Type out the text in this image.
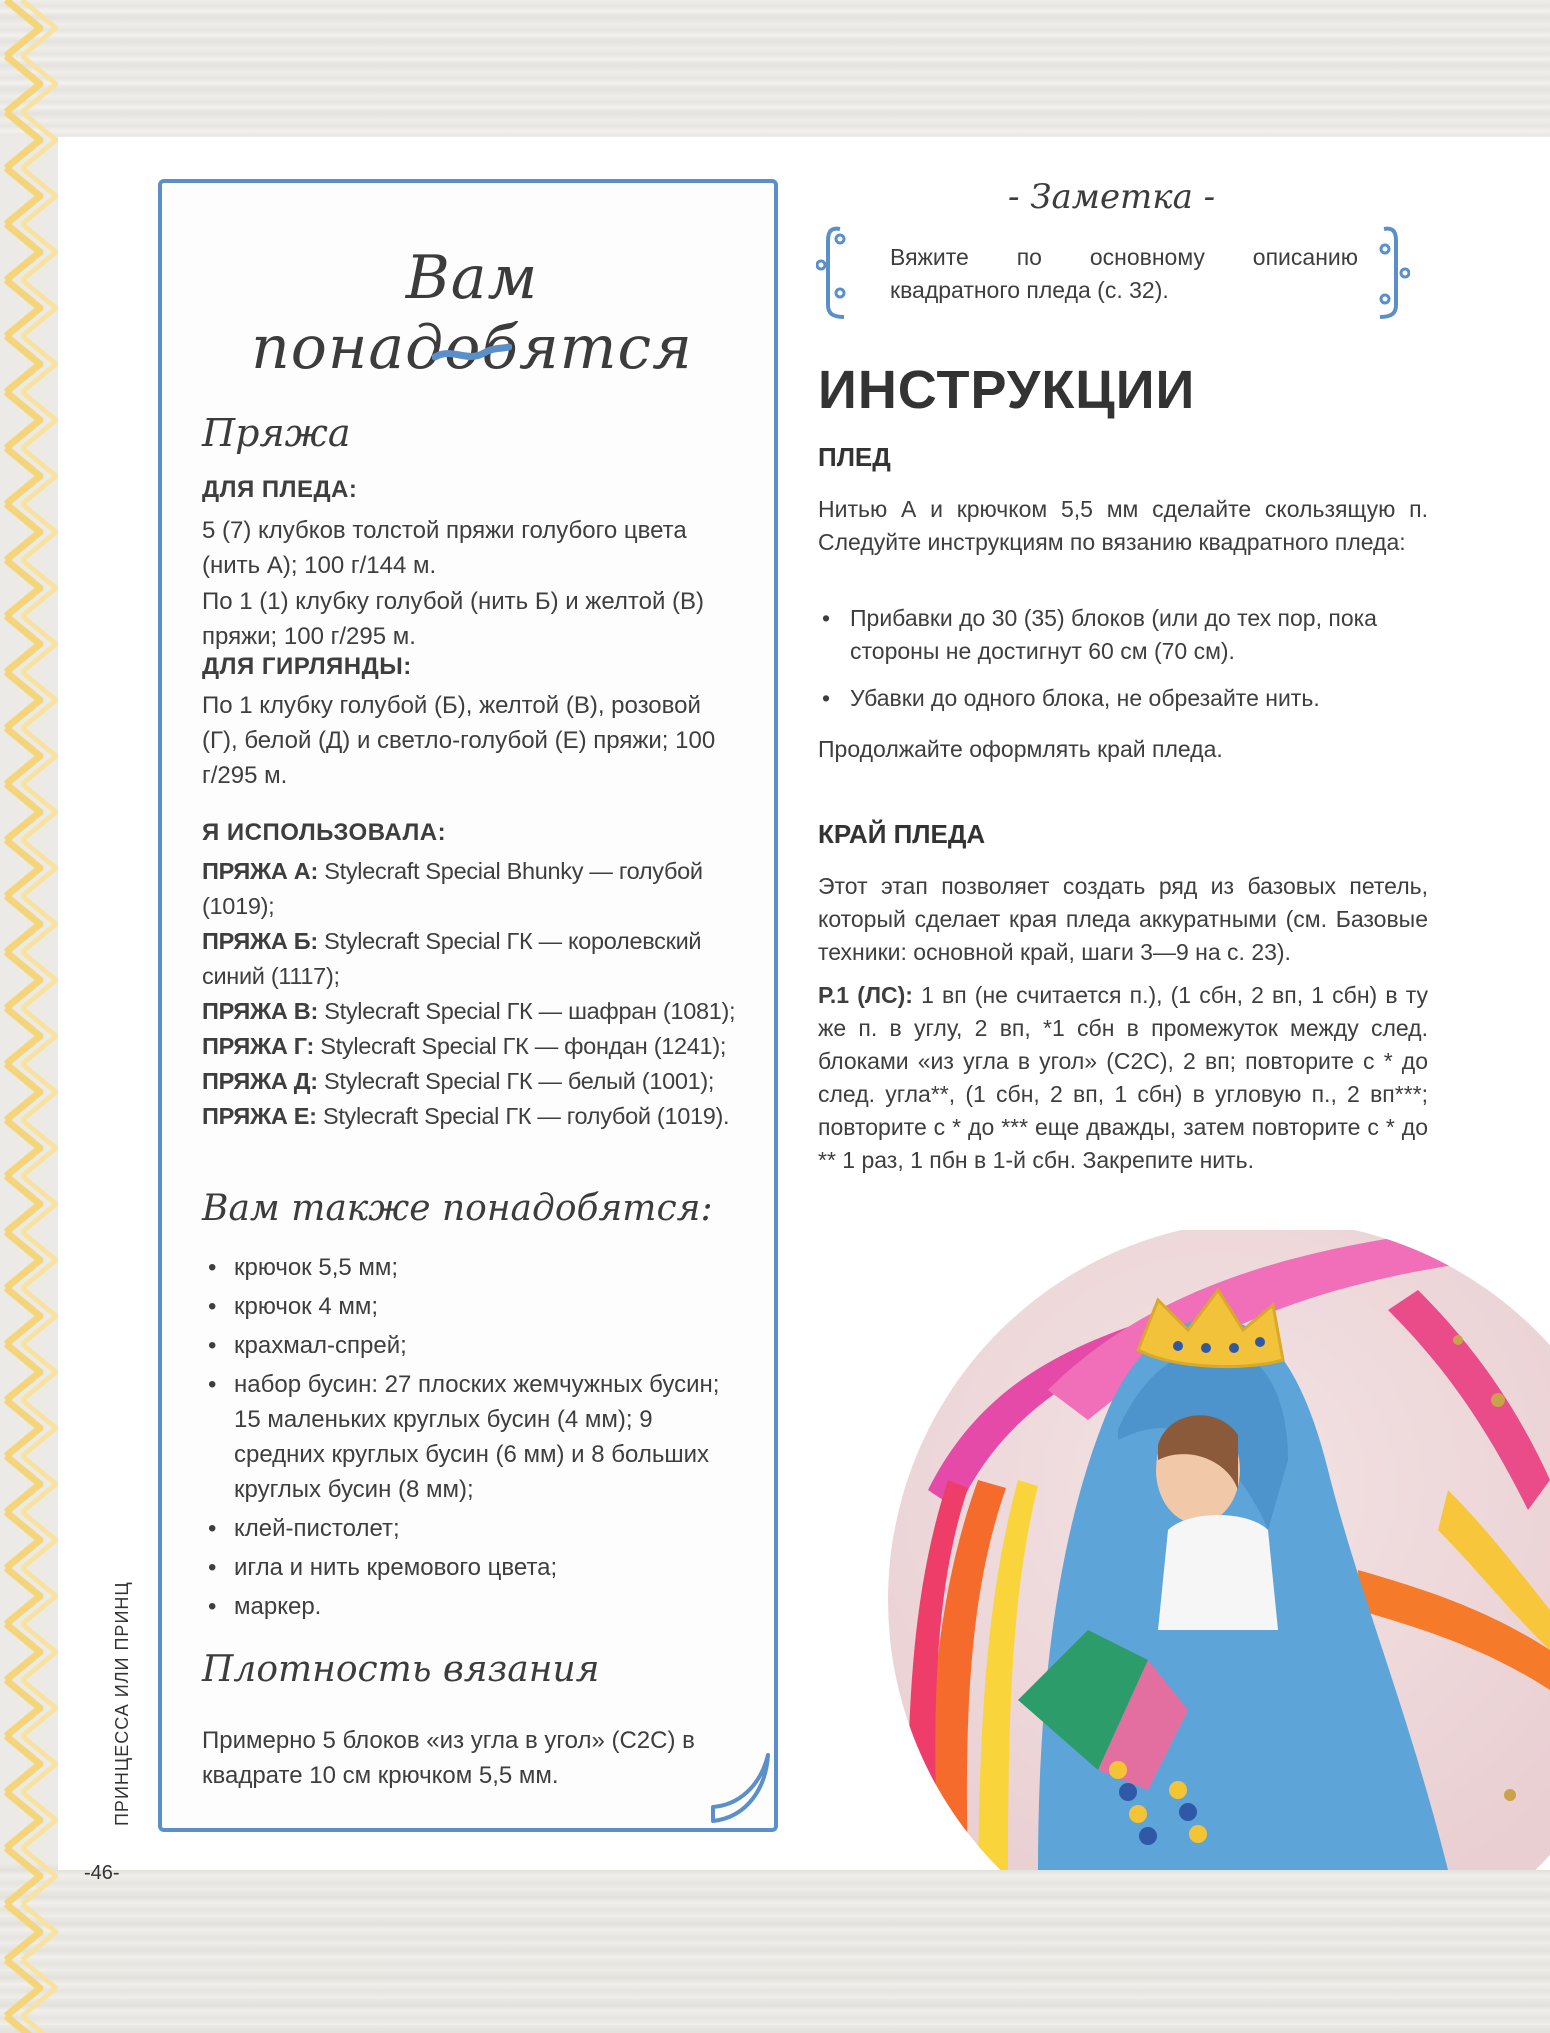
Вам понадобятся
Пряжа
ДЛЯ ПЛЕДА:
5 (7) клубков толстой пряжи голубого цвета (нить А); 100 г/144 м.
По 1 (1) клубку голубой (нить Б) и желтой (В) пряжи; 100 г/295 м.
ДЛЯ ГИРЛЯНДЫ:
По 1 клубку голубой (Б), желтой (В), розовой (Г), белой (Д) и светло-голубой (Е) пряжи; 100 г/295 м.
Я ИСПОЛЬЗОВАЛА:
ПРЯЖА А: Stylecraft Special Bhunky — голубой (1019);
ПРЯЖА Б: Stylecraft Special ГК — королевский синий (1117);
ПРЯЖА В: Stylecraft Special ГК — шафран (1081);
ПРЯЖА Г: Stylecraft Special ГК — фондан (1241);
ПРЯЖА Д: Stylecraft Special ГК — белый (1001);
ПРЯЖА Е: Stylecraft Special ГК — голубой (1019).
Вам также понадобятся:
• крючок 5,5 мм;
• крючок 4 мм;
• крахмал-спрей;
• набор бусин: 27 плоских жемчужных бусин; 15 маленьких круглых бусин (4 мм); 9 средних круглых бусин (6 мм) и 8 больших круглых бусин (8 мм);
• клей-пистолет;
• игла и нить кремового цвета;
• маркер.
Плотность вязания
Примерно 5 блоков «из угла в угол» (С2С) в квадрате 10 см крючком 5,5 мм.
- Заметка -
Вяжите по основному описанию квадратного пледа (с. 32).
ИНСТРУКЦИИ
ПЛЕД
Нитью А и крючком 5,5 мм сделайте скользящую п. Следуйте инструкциям по вязанию квадратного пледа:
• Прибавки до 30 (35) блоков (или до тех пор, пока стороны не достигнут 60 см (70 см).
• Убавки до одного блока, не обрезайте нить.
Продолжайте оформлять край пледа.
КРАЙ ПЛЕДА
Этот этап позволяет создать ряд из базовых петель, который сделает края пледа аккуратными (см. Базовые техники: основной край, шаги 3—9 на с. 23).
Р.1 (ЛС): 1 вп (не считается п.), (1 сбн, 2 вп, 1 сбн) в ту же п. в углу, 2 вп, *1 сбн в промежуток между след. блоками «из угла в угол» (С2С), 2 вп; повторите с * до след. угла**, (1 сбн, 2 вп, 1 сбн) в угловую п., 2 вп***; повторите с * до *** еще дважды, затем повторите с * до ** 1 раз, 1 пбн в 1-й сбн. Закрепите нить.
ПРИНЦЕССА ИЛИ ПРИНЦ
-46-
